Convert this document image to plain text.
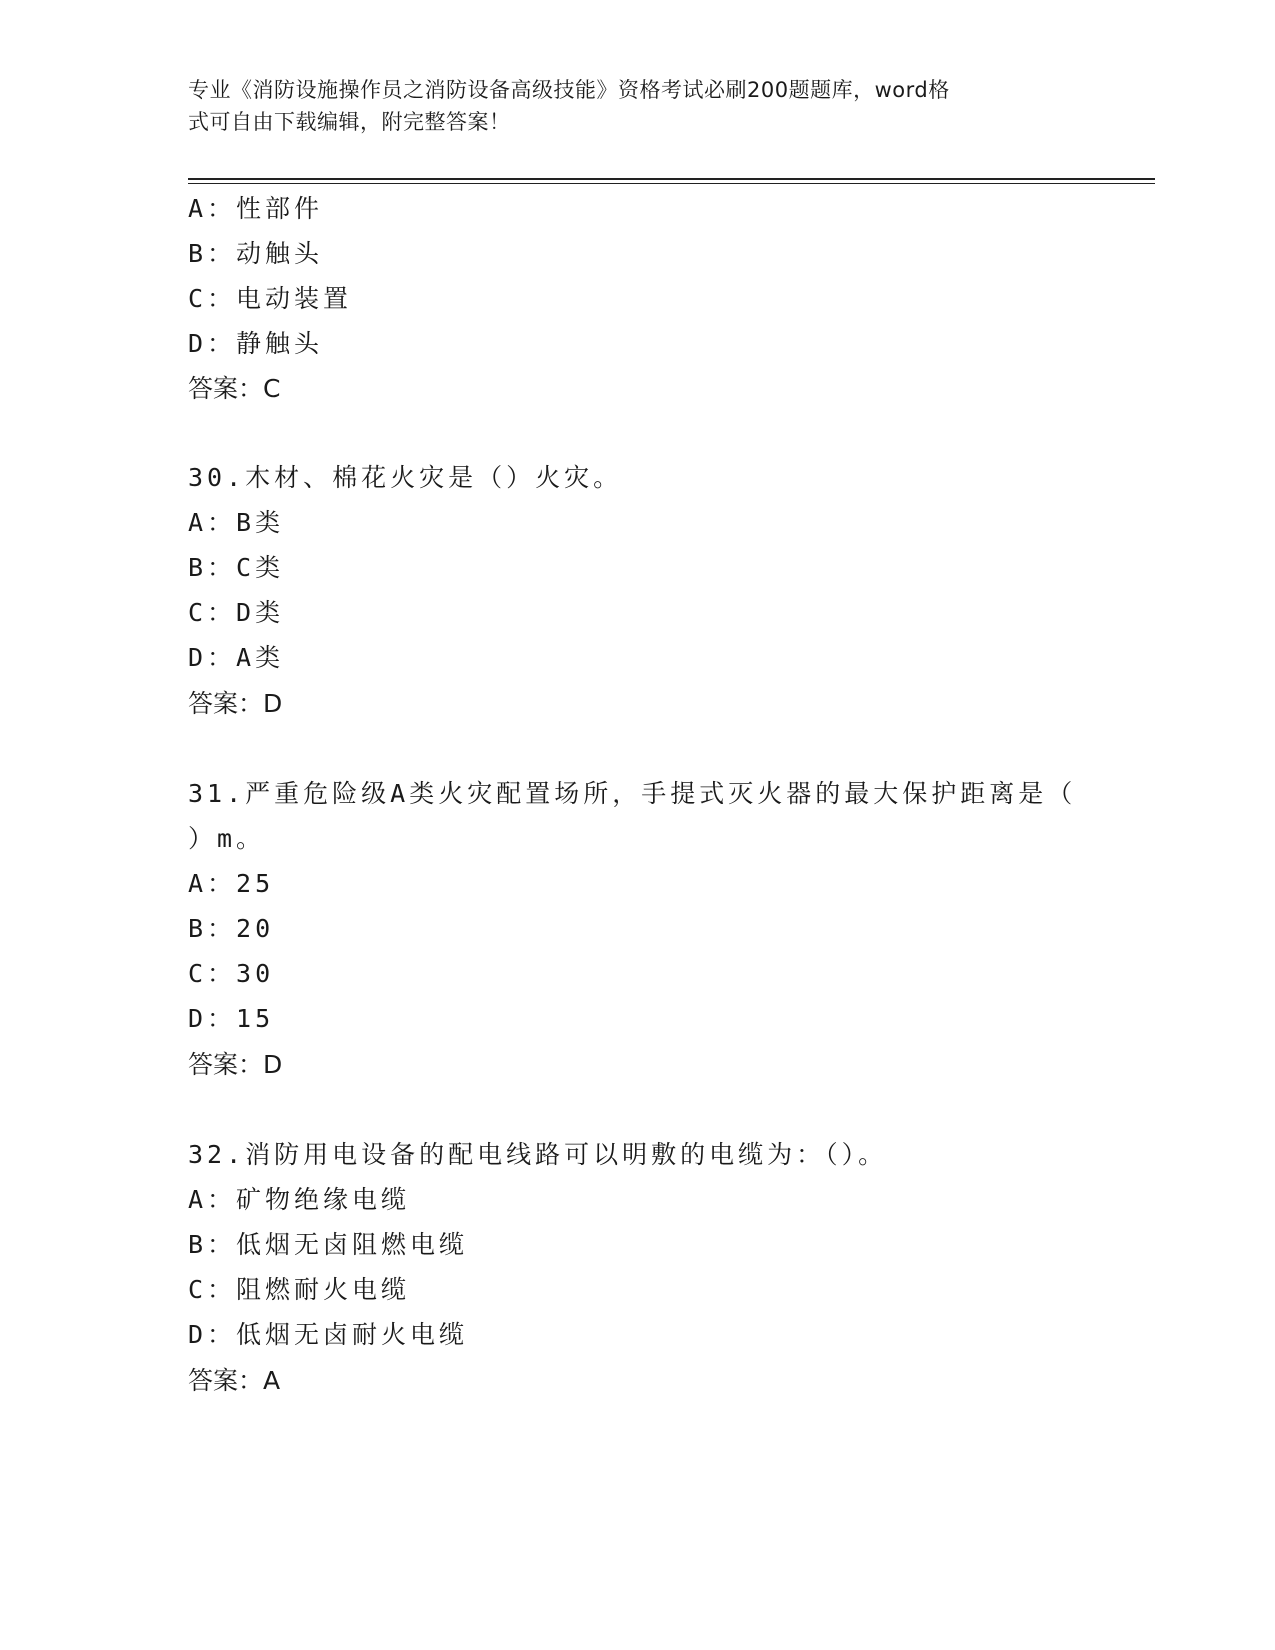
专业《消防设施操作员之消防设备高级技能》资格考试必刷200题题库，word格
式可自由下载编辑，附完整答案！
A：性部件
B：动触头
C：电动装置
D：静触头
答案：C
30.木材、棉花火灾是（）火灾。
A：B类
B：C类
C：D类
D：A类
答案：D
31.严重危险级A类火灾配置场所，手提式灭火器的最大保护距离是（
）m。
A：25
B：20
C：30
D：15
答案：D
32.消防用电设备的配电线路可以明敷的电缆为：（）。
A：矿物绝缘电缆
B：低烟无卤阻燃电缆
C：阻燃耐火电缆
D：低烟无卤耐火电缆
答案：A
